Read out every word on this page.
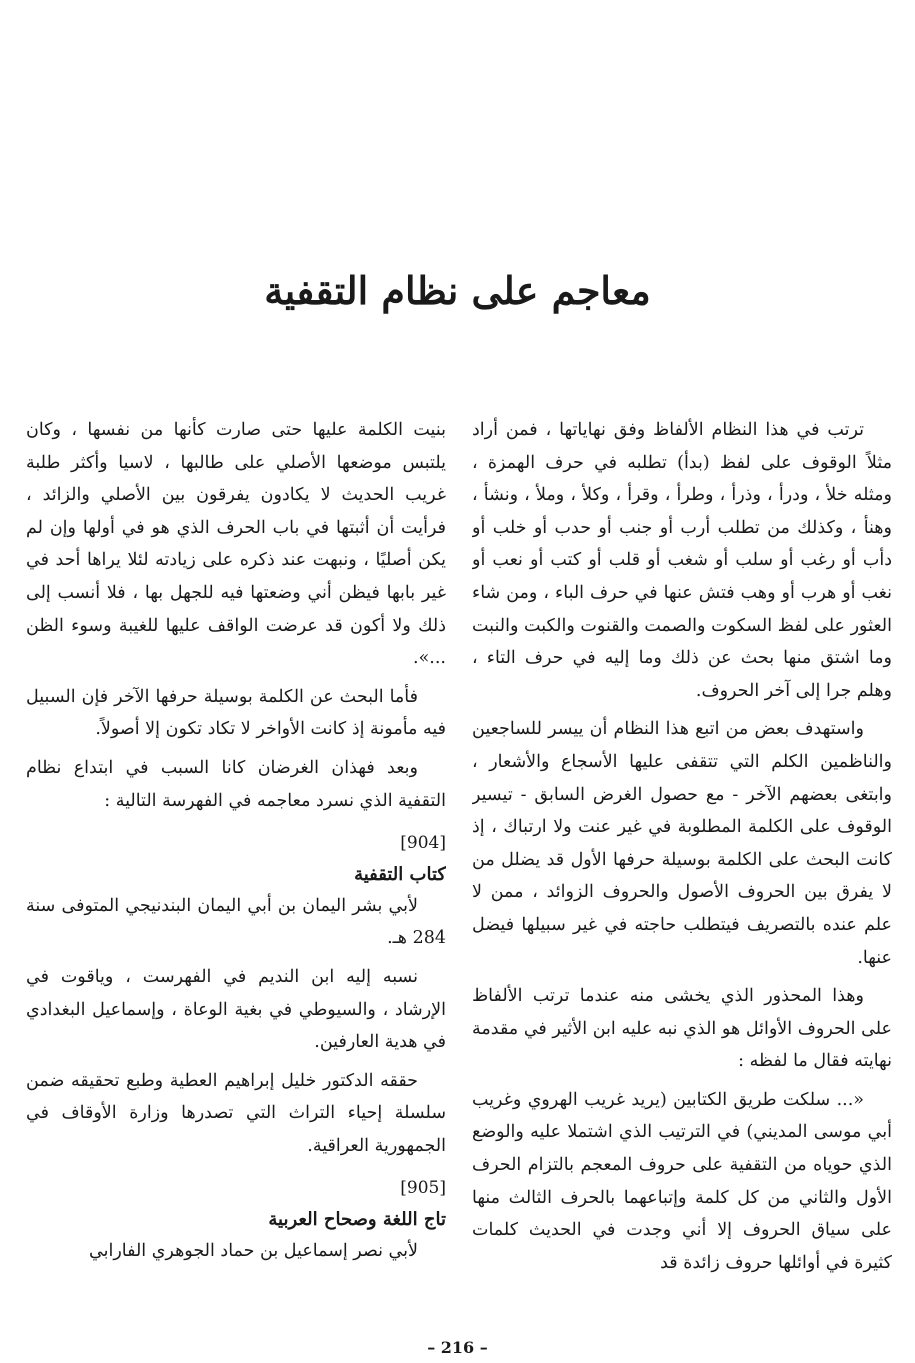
معاجم على نظام التقفية

ترتب في هذا النظام الألفاظ وفق نهاياتها ، فمن أراد مثلاً الوقوف على لفظ (بدأ) تطلبه في حرف الهمزة ، ومثله خلأ ، ودرأ ، وذرأ ، وطرأ ، وقرأ ، وكلأ ، وملأ ، ونشأ ، وهنأ ، وكذلك من تطلب أرب أو جنب أو حدب أو خلب أو دأب أو رغب أو سلب أو شغب أو قلب أو كتب أو نعب أو نغب أو هرب أو وهب فتش عنها في حرف الباء ، ومن شاء العثور على لفظ السكوت والصمت والقنوت والكبت والنبت وما اشتق منها بحث عن ذلك وما إليه في حرف التاء ، وهلم جرا إلى آخر الحروف.

واستهدف بعض من اتبع هذا النظام أن ييسر للساجعين والناظمين الكلم التي تتقفى عليها الأسجاع والأشعار ، وابتغى بعضهم الآخر - مع حصول الغرض السابق - تيسير الوقوف على الكلمة المطلوبة في غير عنت ولا ارتباك ، إذ كانت البحث على الكلمة بوسيلة حرفها الأول قد يضلل من لا يفرق بين الحروف الأصول والحروف الزوائد ، ممن لا علم عنده بالتصريف فيتطلب حاجته في غير سبيلها فيضل عنها.

وهذا المحذور الذي يخشى منه عندما ترتب الألفاظ على الحروف الأوائل هو الذي نبه عليه ابن الأثير في مقدمة نهايته فقال ما لفظه :

«... سلكت طريق الكتابين (يريد غريب الهروي وغريب أبي موسى المديني) في الترتيب الذي اشتملا عليه والوضع الذي حوياه من التقفية على حروف المعجم بالتزام الحرف الأول والثاني من كل كلمة وإتباعهما بالحرف الثالث منها على سياق الحروف إلا أني وجدت في الحديث كلمات كثيرة في أوائلها حروف زائدة قد

بنيت الكلمة عليها حتى صارت كأنها من نفسها ، وكان يلتبس موضعها الأصلي على طالبها ، لاسيا وأكثر طلبة غريب الحديث لا يكادون يفرقون بين الأصلي والزائد ، فرأيت أن أثبتها في باب الحرف الذي هو في أولها وإن لم يكن أصليًا ، ونبهت عند ذكره على زيادته لئلا يراها أحد في غير بابها فيظن أني وضعتها فيه للجهل بها ، فلا أنسب إلى ذلك ولا أكون قد عرضت الواقف عليها للغيبة وسوء الظن ...».

فأما البحث عن الكلمة بوسيلة حرفها الآخر فإن السبيل فيه مأمونة إذ كانت الأواخر لا تكاد تكون إلا أصولاً.

وبعد فهذان الغرضان كانا السبب في ابتداع نظام التقفية الذي نسرد معاجمه في الفهرسة التالية :

[904]
كتاب التقفية

لأبي بشر اليمان بن أبي اليمان البندنيجي المتوفى سنة 284 هـ.

نسبه إليه ابن النديم في الفهرست ، وياقوت في الإرشاد ، والسيوطي في بغية الوعاة ، وإسماعيل البغدادي في هدية العارفين.

حققه الدكتور خليل إبراهيم العطية وطبع تحقيقه ضمن سلسلة إحياء التراث التي تصدرها وزارة الأوقاف في الجمهورية العراقية.

[905]
تاج اللغة وصحاح العربية

لأبي نصر إسماعيل بن حماد الجوهري الفارابي

– 216 –
